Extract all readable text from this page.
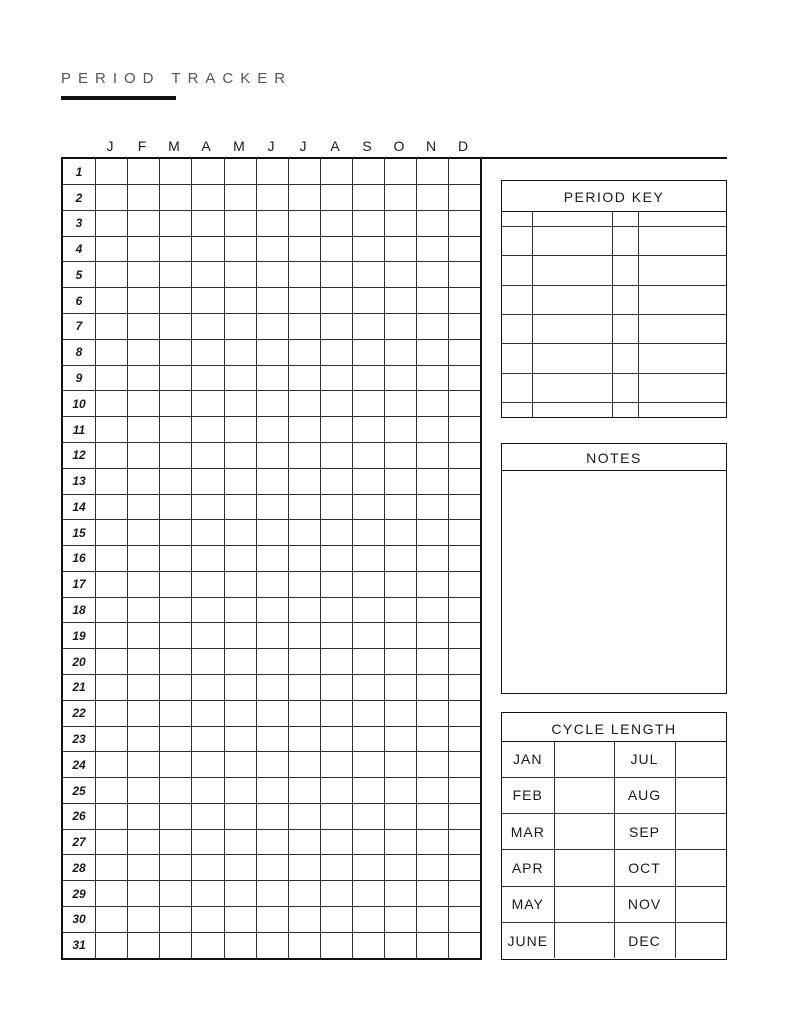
PERIOD TRACKER
J	F	M	A	M	J	J	A	S	O	N	D
1												
2												
3												
4												
5												
6												
7												
8												
9												
10												
11												
12												
13												
14												
15												
16												
17												
18												
19												
20												
21												
22												
23												
24												
25												
26												
27												
28												
29												
30												
31												
PERIOD KEY

NOTES
CYCLE LENGTH
JAN		JUL	
FEB		AUG	
MAR		SEP	
APR		OCT	
MAY		NOV	
JUNE		DEC	
